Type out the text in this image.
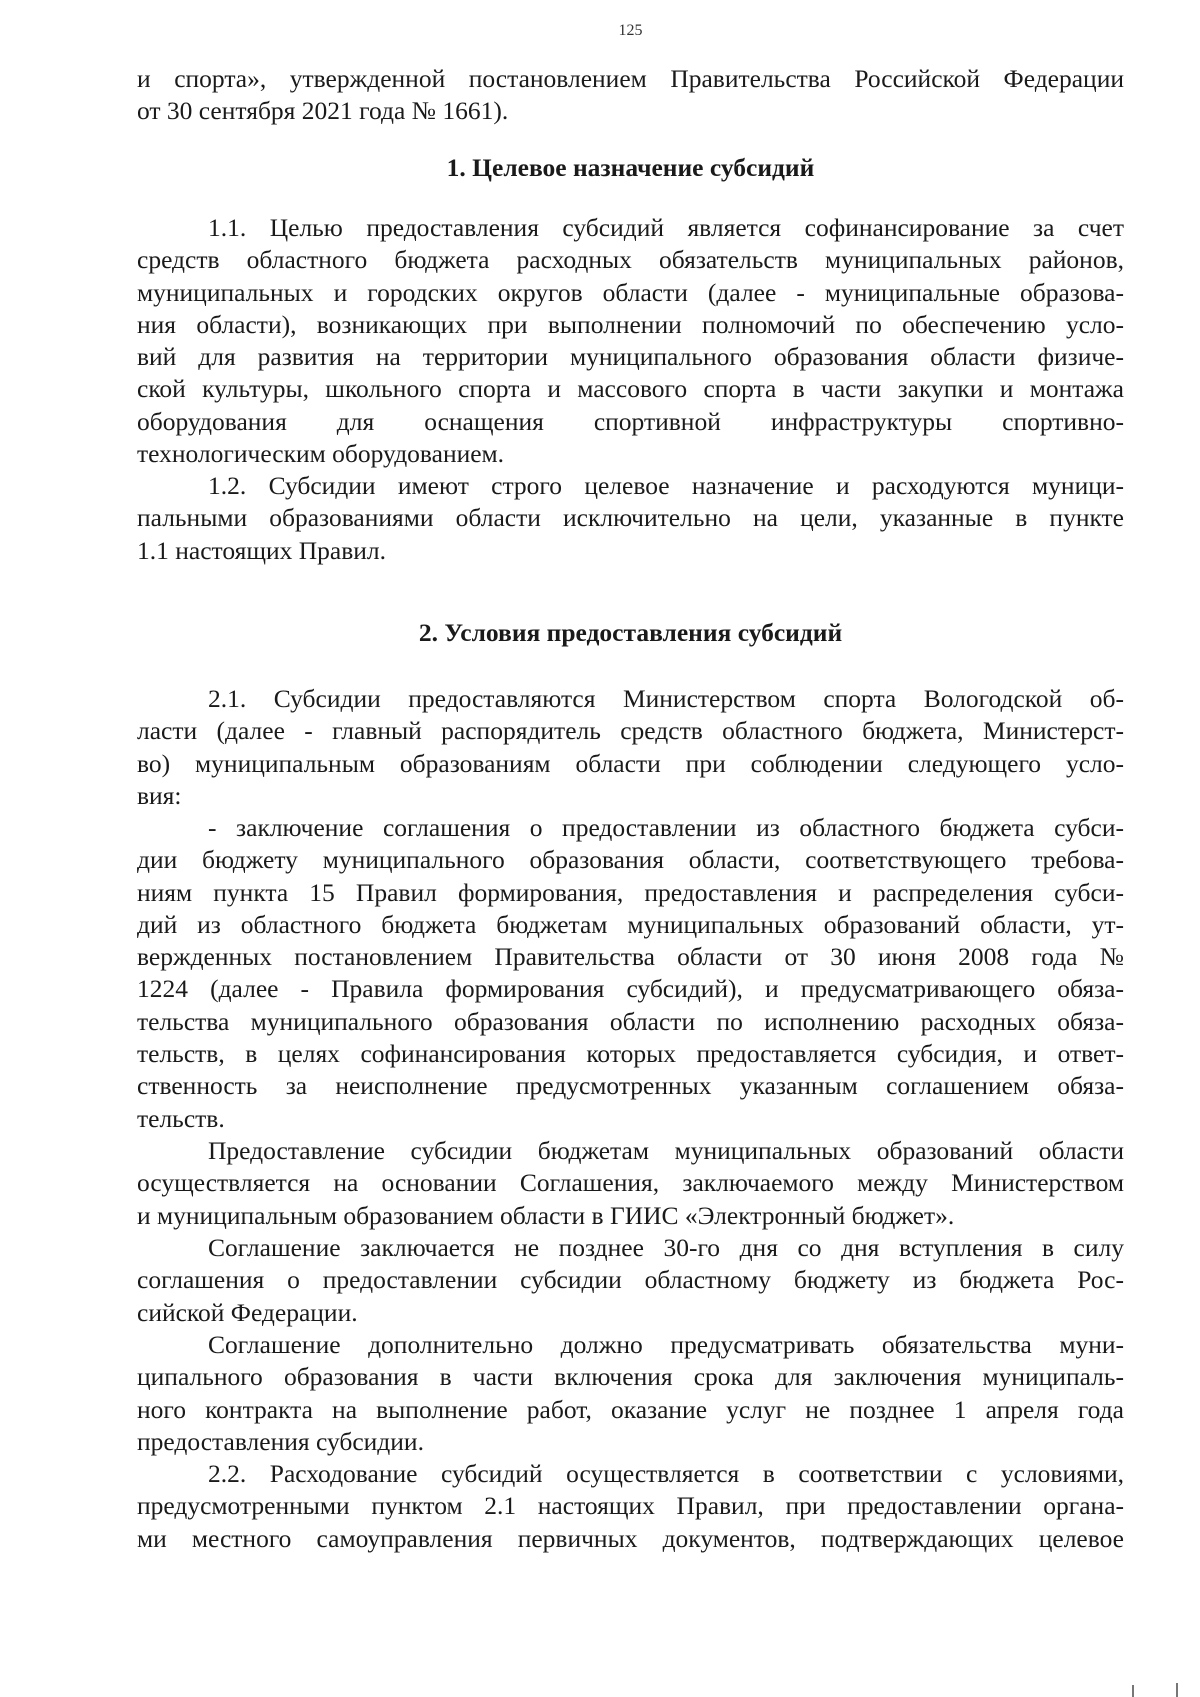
125
и спорта», утвержденной постановлением Правительства Российской Федерации
от 30 сентября 2021 года № 1661).
1. Целевое назначение субсидий
1.1. Целью предоставления субсидий является софинансирование за счет
средств областного бюджета расходных обязательств муниципальных районов,
муниципальных и городских округов области (далее - муниципальные образова-
ния области), возникающих при выполнении полномочий по обеспечению усло-
вий для развития на территории муниципального образования области физиче-
ской культуры, школьного спорта и массового спорта в части закупки и монтажа
оборудования для оснащения спортивной инфраструктуры спортивно-
технологическим оборудованием.
1.2. Субсидии имеют строго целевое назначение и расходуются муници-
пальными образованиями области исключительно на цели, указанные в пункте
1.1 настоящих Правил.
2. Условия предоставления субсидий
2.1. Субсидии предоставляются Министерством спорта Вологодской об-
ласти (далее - главный распорядитель средств областного бюджета, Министерст-
во) муниципальным образованиям области при соблюдении следующего усло-
вия:
- заключение соглашения о предоставлении из областного бюджета субси-
дии бюджету муниципального образования области, соответствующего требова-
ниям пункта 15 Правил формирования, предоставления и распределения субси-
дий из областного бюджета бюджетам муниципальных образований области, ут-
вержденных постановлением Правительства области от 30 июня 2008 года №
1224 (далее - Правила формирования субсидий), и предусматривающего обяза-
тельства муниципального образования области по исполнению расходных обяза-
тельств, в целях софинансирования которых предоставляется субсидия, и ответ-
ственность за неисполнение предусмотренных указанным соглашением обяза-
тельств.
Предоставление субсидии бюджетам муниципальных образований области
осуществляется на основании Соглашения, заключаемого между Министерством
и муниципальным образованием области в ГИИС «Электронный бюджет».
Соглашение заключается не позднее 30-го дня со дня вступления в силу
соглашения о предоставлении субсидии областному бюджету из бюджета Рос-
сийской Федерации.
Соглашение дополнительно должно предусматривать обязательства муни-
ципального образования в части включения срока для заключения муниципаль-
ного контракта на выполнение работ, оказание услуг не позднее 1 апреля года
предоставления субсидии.
2.2. Расходование субсидий осуществляется в соответствии с условиями,
предусмотренными пунктом 2.1 настоящих Правил, при предоставлении органа-
ми местного самоуправления первичных документов, подтверждающих целевое
